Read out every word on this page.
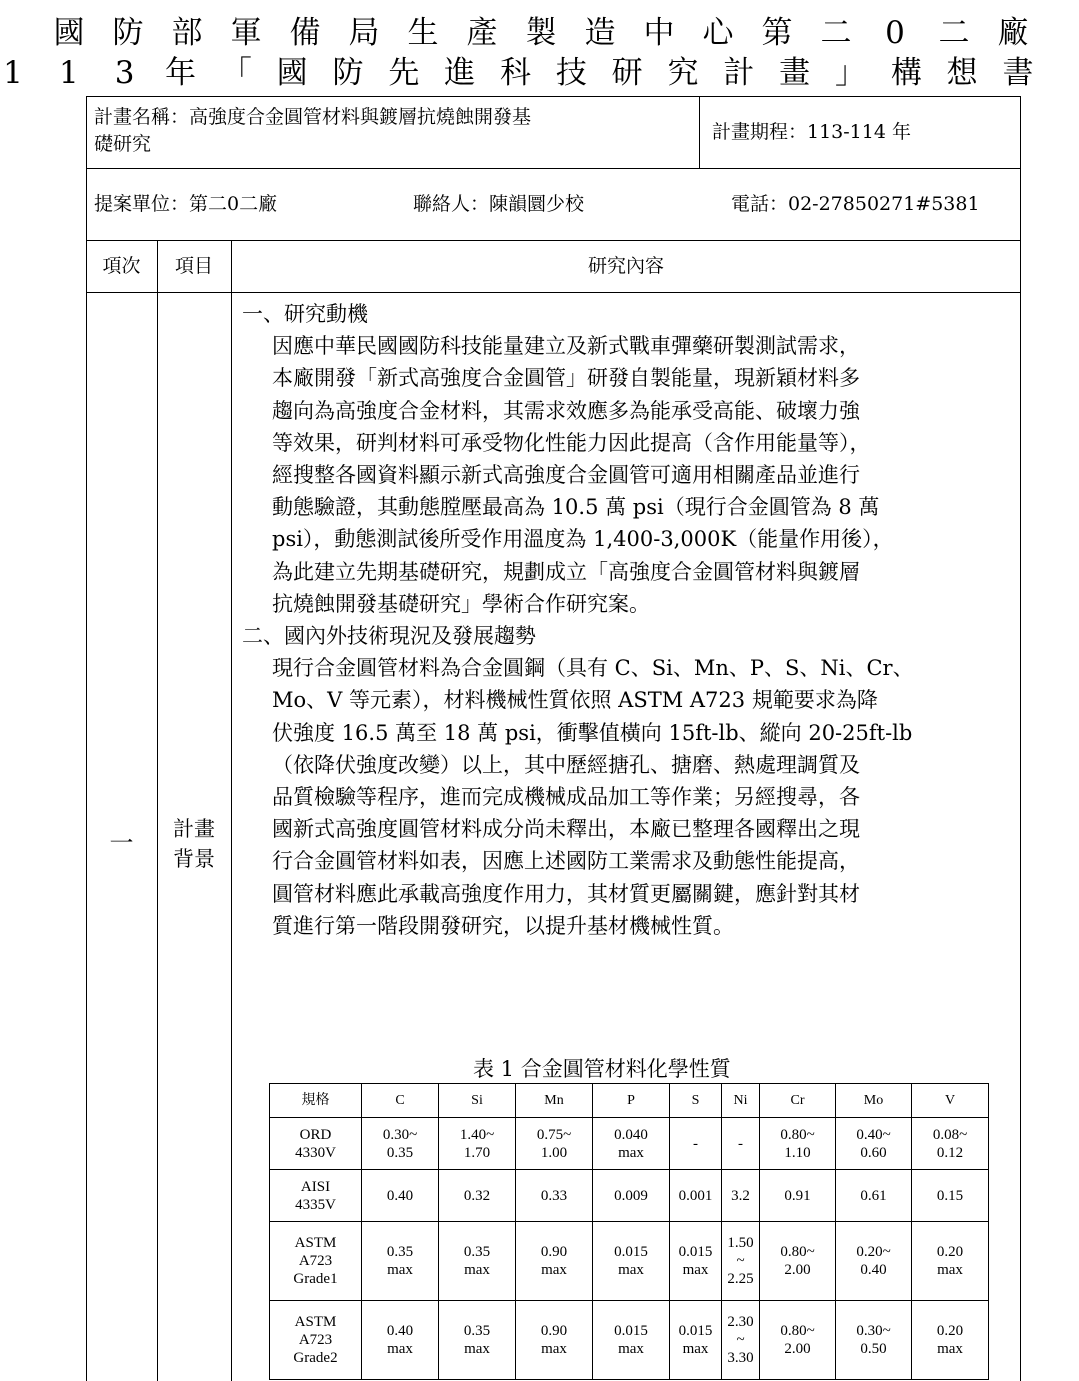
國 防 部 軍 備 局 生 產 製 造 中 心 第 二 0 二 廠
1 1 3 年 「 國 防 先 進 科 技 研 究 計 畫 」 構 想 書
計畫名稱：高強度合金圓管材料與鍍層抗燒蝕開發基
礎研究
計畫期程：113-114 年
提案單位：第二0二廠	聯絡人：陳韻圜少校	電話：02-27850271#5381
項次	項目	研究內容
一	計畫
背景
一、研究動機
因應中華民國國防科技能量建立及新式戰車彈藥研製測試需求，
本廠開發「新式高強度合金圓管」研發自製能量，現新穎材料多
趨向為高強度合金材料，其需求效應多為能承受高能、破壞力強
等效果，研判材料可承受物化性能力因此提高（含作用能量等），
經搜整各國資料顯示新式高強度合金圓管可適用相關產品並進行
動態驗證，其動態膛壓最高為 10.5 萬 psi（現行合金圓管為 8 萬
psi），動態測試後所受作用溫度為 1,400-3,000K（能量作用後），
為此建立先期基礎研究，規劃成立「高強度合金圓管材料與鍍層
抗燒蝕開發基礎研究」學術合作研究案。
二、國內外技術現況及發展趨勢
現行合金圓管材料為合金圓鋼（具有 C、Si、Mn、P、S、Ni、Cr、
Mo、V 等元素），材料機械性質依照 ASTM A723 規範要求為降
伏強度 16.5 萬至 18 萬 psi，衝擊值橫向 15ft-lb、縱向 20-25ft-lb
（依降伏強度改變）以上，其中歷經搪孔、搪磨、熱處理調質及
品質檢驗等程序，進而完成機械成品加工等作業；另經搜尋，各
國新式高強度圓管材料成分尚未釋出，本廠已整理各國釋出之現
行合金圓管材料如表，因應上述國防工業需求及動態性能提高，
圓管材料應此承載高強度作用力，其材質更屬關鍵，應針對其材
質進行第一階段開發研究，以提升基材機械性質。
表 1 合金圓管材料化學性質
規格	C	Si	Mn	P	S	Ni	Cr	Mo	V
ORD
4330V	0.30~
0.35	1.40~
1.70	0.75~
1.00	0.040
max	-	-	0.80~
1.10	0.40~
0.60	0.08~
0.12
AISI
4335V	0.40	0.32	0.33	0.009	0.001	3.2	0.91	0.61	0.15
ASTM
A723
Grade1	0.35
max	0.35
max	0.90
max	0.015
max	0.015
max	1.50
~
2.25	0.80~
2.00	0.20~
0.40	0.20
max
ASTM
A723
Grade2	0.40
max	0.35
max	0.90
max	0.015
max	0.015
max	2.30
~
3.30	0.80~
2.00	0.30~
0.50	0.20
max
